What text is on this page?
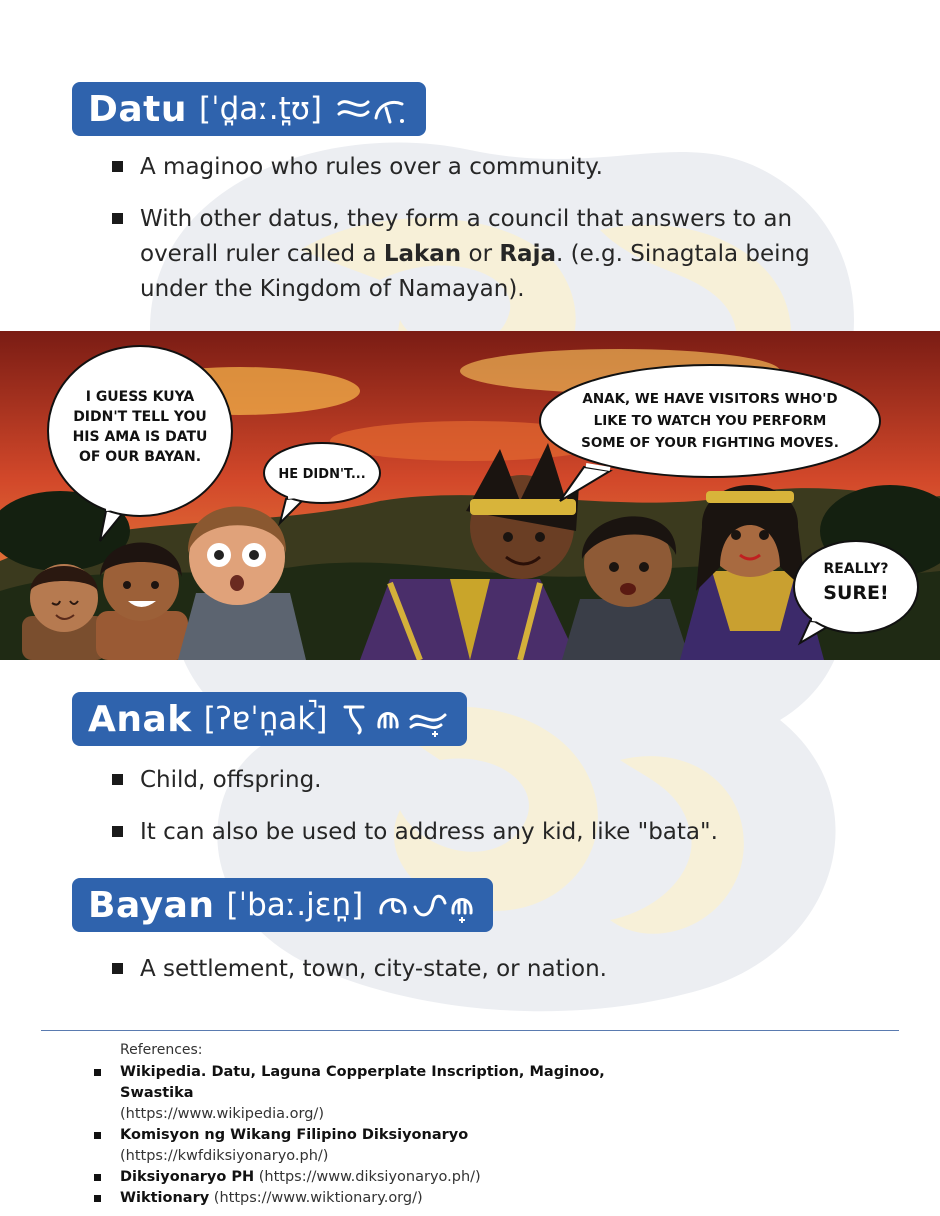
Datu [ˈd̪aː.t̪ʊ]
A maginoo who rules over a community.
With other datus, they form a council that answers to an overall ruler called a Lakan or Raja. (e.g. Sinagtala being under the Kingdom of Namayan).
I GUESS KUYA DIDN'T TELL YOU HIS AMA IS DATU OF OUR BAYAN.
HE DIDN'T...
ANAK, WE HAVE VISITORS WHO'D LIKE TO WATCH YOU PERFORM SOME OF YOUR FIGHTING MOVES.
REALLY? SURE!
Anak [ʔɐˈn̪ak̚]
Child, offspring.
It can also be used to address any kid, like "bata".
Bayan [ˈbaː.jɛn̪]
A settlement, town, city-state, or nation.
References:
Wikipedia. Datu, Laguna Copperplate Inscription, Maginoo, Swastika
(https://www.wikipedia.org/)
Komisyon ng Wikang Filipino Diksiyonaryo (https://kwfdiksiyonaryo.ph/)
Diksiyonaryo PH (https://www.diksiyonaryo.ph/)
Wiktionary (https://www.wiktionary.org/)
